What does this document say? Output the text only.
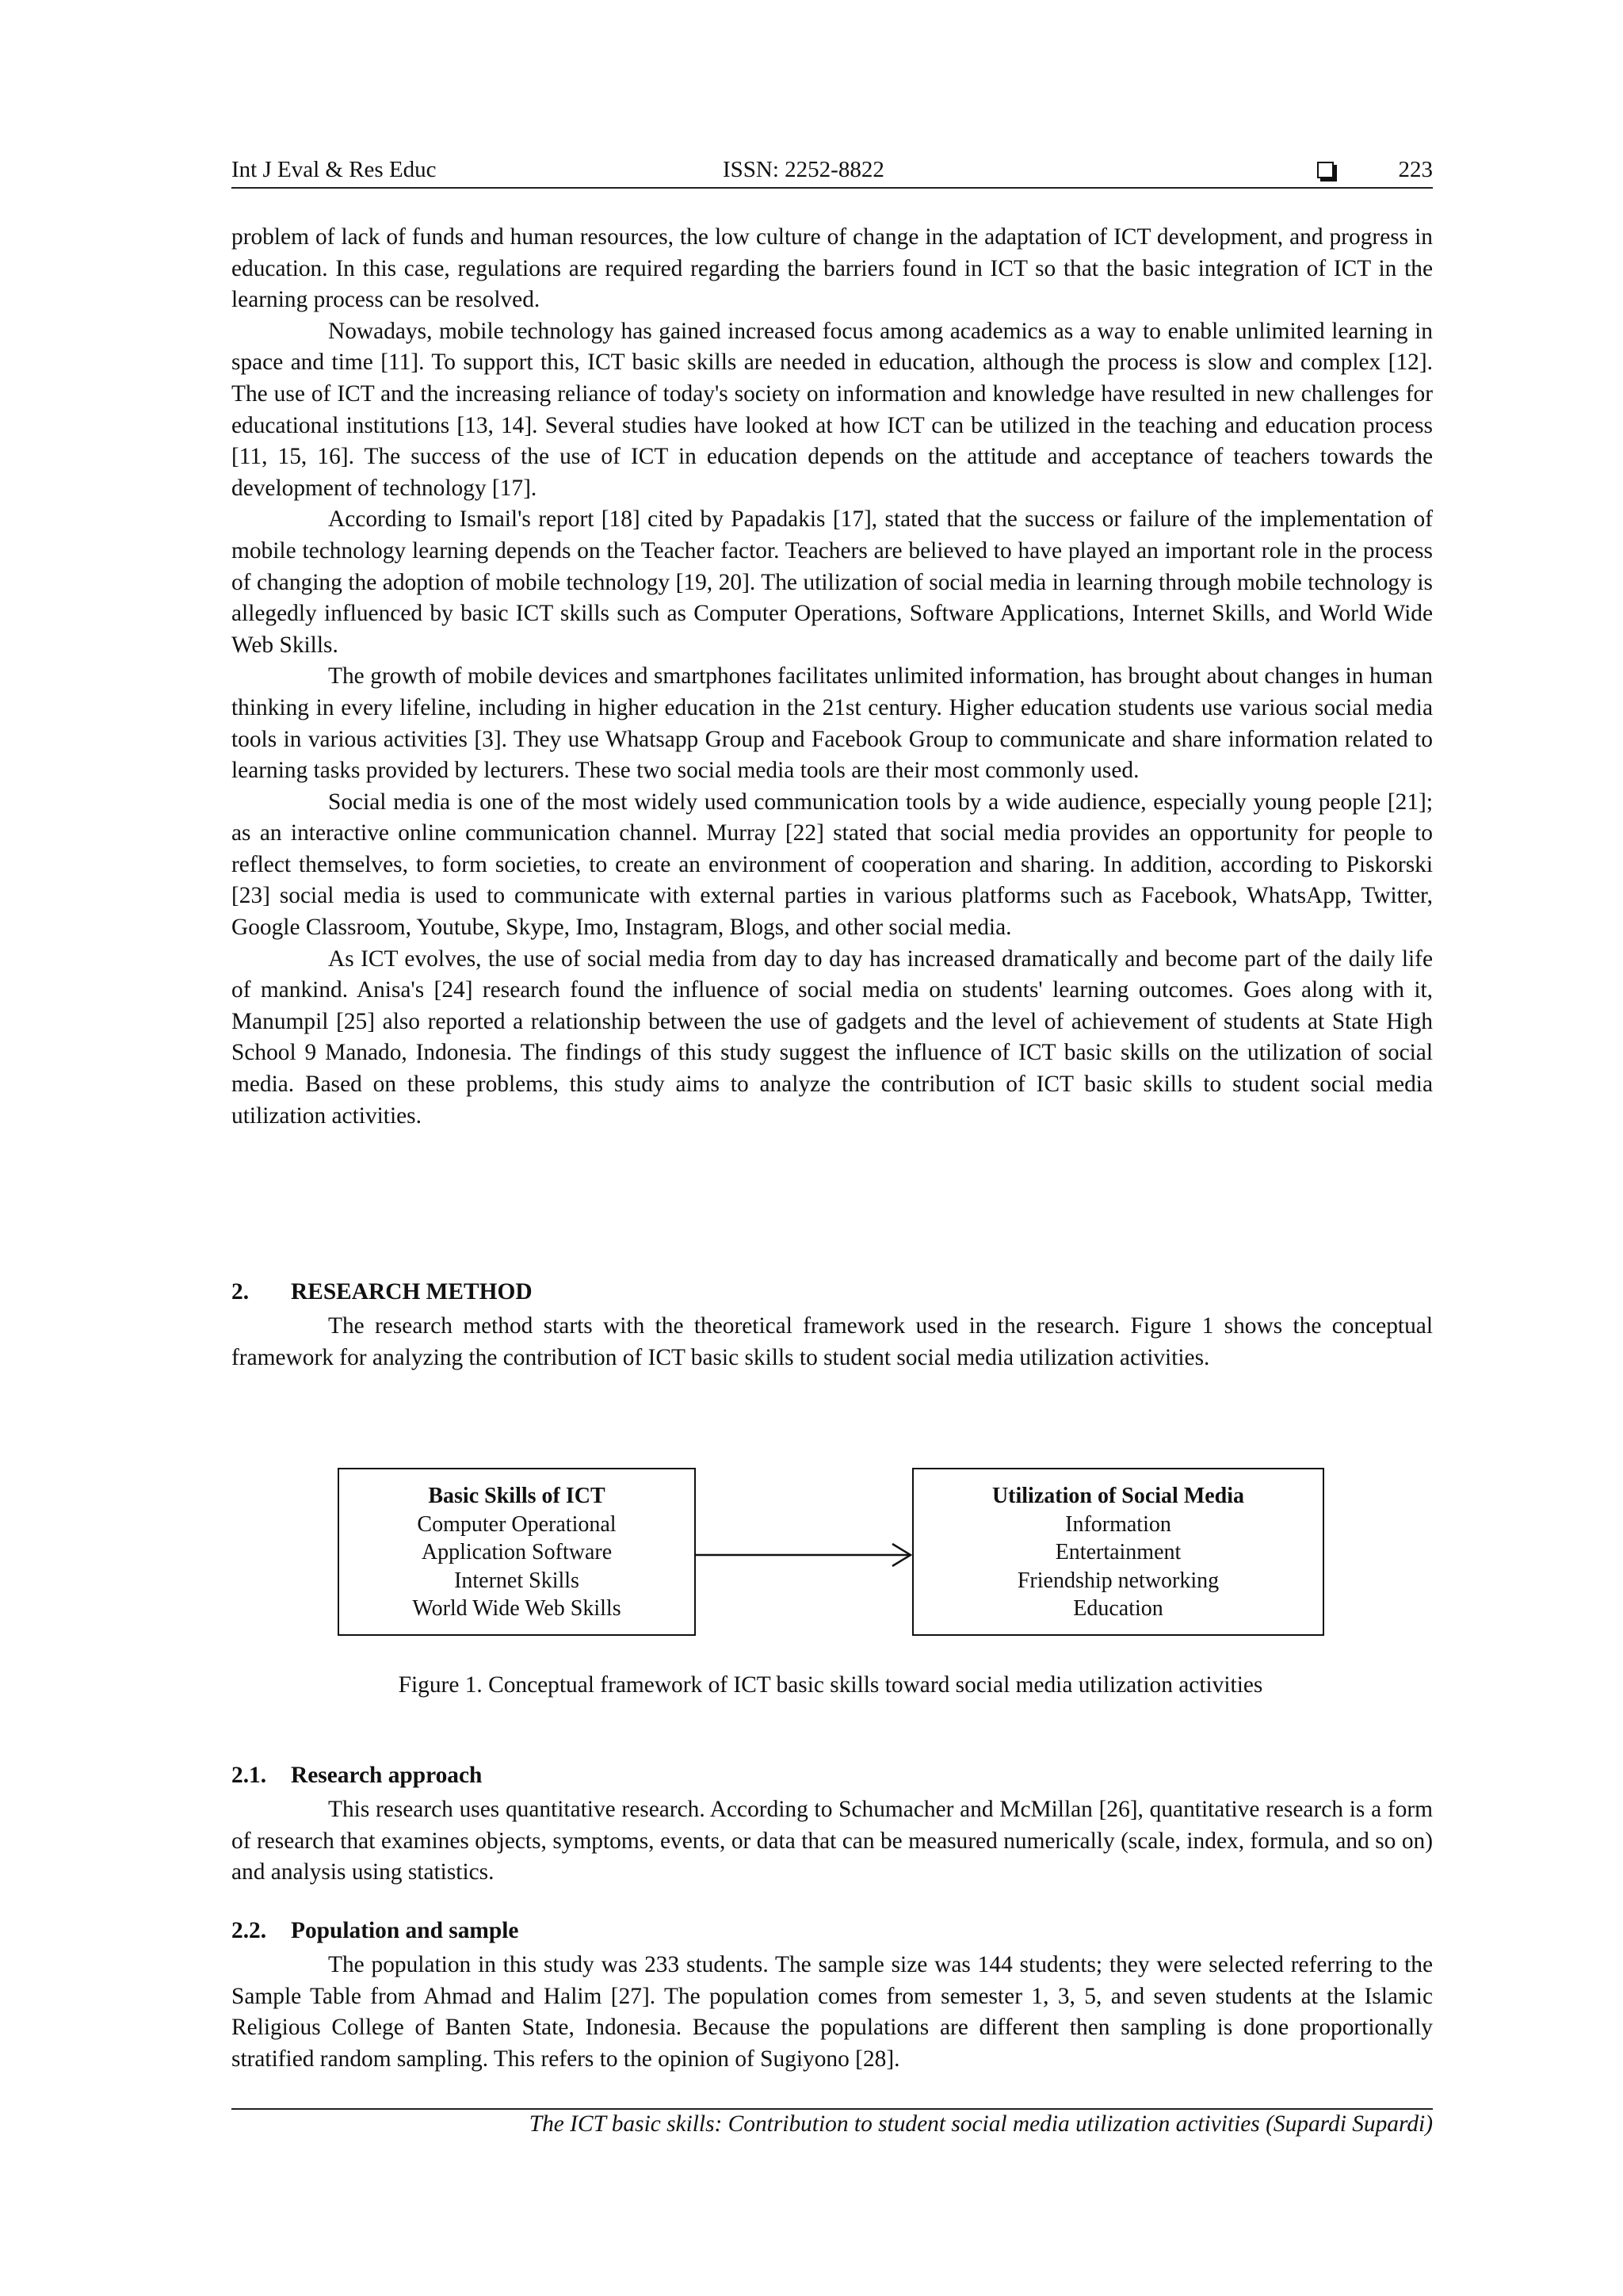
Int J Eval & Res Educ	ISSN: 2252-8822	223

problem of lack of funds and human resources, the low culture of change in the adaptation of ICT development, and progress in education. In this case, regulations are required regarding the barriers found in ICT so that the basic integration of ICT in the learning process can be resolved.

Nowadays, mobile technology has gained increased focus among academics as a way to enable unlimited learning in space and time [11]. To support this, ICT basic skills are needed in education, although the process is slow and complex [12]. The use of ICT and the increasing reliance of today's society on information and knowledge have resulted in new challenges for educational institutions [13, 14]. Several studies have looked at how ICT can be utilized in the teaching and education process [11, 15, 16]. The success of the use of ICT in education depends on the attitude and acceptance of teachers towards the development of technology [17].

According to Ismail's report [18] cited by Papadakis [17], stated that the success or failure of the implementation of mobile technology learning depends on the Teacher factor. Teachers are believed to have played an important role in the process of changing the adoption of mobile technology [19, 20]. The utilization of social media in learning through mobile technology is allegedly influenced by basic ICT skills such as Computer Operations, Software Applications, Internet Skills, and World Wide Web Skills.

The growth of mobile devices and smartphones facilitates unlimited information, has brought about changes in human thinking in every lifeline, including in higher education in the 21st century. Higher education students use various social media tools in various activities [3]. They use Whatsapp Group and Facebook Group to communicate and share information related to learning tasks provided by lecturers. These two social media tools are their most commonly used.

Social media is one of the most widely used communication tools by a wide audience, especially young people [21]; as an interactive online communication channel. Murray [22] stated that social media provides an opportunity for people to reflect themselves, to form societies, to create an environment of cooperation and sharing. In addition, according to Piskorski [23] social media is used to communicate with external parties in various platforms such as Facebook, WhatsApp, Twitter, Google Classroom, Youtube, Skype, Imo, Instagram, Blogs, and other social media.

As ICT evolves, the use of social media from day to day has increased dramatically and become part of the daily life of mankind. Anisa's [24] research found the influence of social media on students' learning outcomes. Goes along with it, Manumpil [25] also reported a relationship between the use of gadgets and the level of achievement of students at State High School 9 Manado, Indonesia. The findings of this study suggest the influence of ICT basic skills on the utilization of social media. Based on these problems, this study aims to analyze the contribution of ICT basic skills to student social media utilization activities.

2. RESEARCH METHOD

The research method starts with the theoretical framework used in the research. Figure 1 shows the conceptual framework for analyzing the contribution of ICT basic skills to student social media utilization activities.

Basic Skills of ICT
Computer Operational
Application Software
Internet Skills
World Wide Web Skills
Utilization of Social Media
Information
Entertainment
Friendship networking
Education
Figure 1. Conceptual framework of ICT basic skills toward social media utilization activities
2.1. Research approach

This research uses quantitative research. According to Schumacher and McMillan [26], quantitative research is a form of research that examines objects, symptoms, events, or data that can be measured numerically (scale, index, formula, and so on) and analysis using statistics.

2.2. Population and sample

The population in this study was 233 students. The sample size was 144 students; they were selected referring to the Sample Table from Ahmad and Halim [27]. The population comes from semester 1, 3, 5, and seven students at the Islamic Religious College of Banten State, Indonesia. Because the populations are different then sampling is done proportionally stratified random sampling. This refers to the opinion of Sugiyono [28].

The ICT basic skills: Contribution to student social media utilization activities (Supardi Supardi)
